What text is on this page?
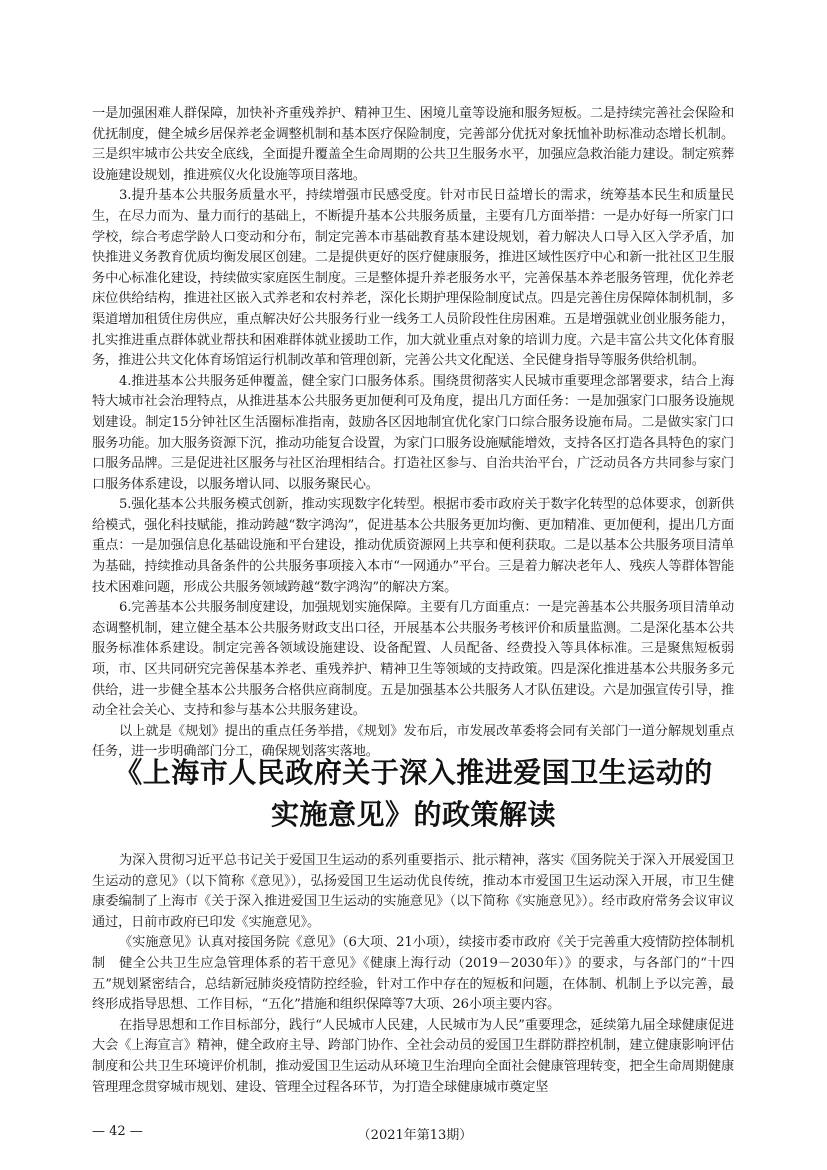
一是加强困难人群保障，加快补齐重残养护、精神卫生、困境儿童等设施和服务短板。二是持续完善社会保险和优抚制度，健全城乡居保养老金调整机制和基本医疗保险制度，完善部分优抚对象抚恤补助标准动态增长机制。三是织牢城市公共安全底线，全面提升覆盖全生命周期的公共卫生服务水平，加强应急救治能力建设。制定殡葬设施建设规划，推进殡仪火化设施等项目落地。

3.提升基本公共服务质量水平，持续增强市民感受度。针对市民日益增长的需求，统筹基本民生和质量民生，在尽力而为、量力而行的基础上，不断提升基本公共服务质量，主要有几方面举措：一是办好每一所家门口学校，综合考虑学龄人口变动和分布，制定完善本市基础教育基本建设规划，着力解决人口导入区入学矛盾，加快推进义务教育优质均衡发展区创建。二是提供更好的医疗健康服务，推进区域性医疗中心和新一批社区卫生服务中心标准化建设，持续做实家庭医生制度。三是整体提升养老服务水平，完善保基本养老服务管理，优化养老床位供给结构，推进社区嵌入式养老和农村养老，深化长期护理保险制度试点。四是完善住房保障体制机制，多渠道增加租赁住房供应，重点解决好公共服务行业一线务工人员阶段性住房困难。五是增强就业创业服务能力，扎实推进重点群体就业帮扶和困难群体就业援助工作，加大就业重点对象的培训力度。六是丰富公共文化体育服务，推进公共文化体育场馆运行机制改革和管理创新，完善公共文化配送、全民健身指导等服务供给机制。

4.推进基本公共服务延伸覆盖，健全家门口服务体系。围绕贯彻落实人民城市重要理念部署要求，结合上海特大城市社会治理特点，从推进基本公共服务更加便利可及角度，提出几方面任务：一是加强家门口服务设施规划建设。制定15分钟社区生活圈标准指南，鼓励各区因地制宜优化家门口综合服务设施布局。二是做实家门口服务功能。加大服务资源下沉，推动功能复合设置，为家门口服务设施赋能增效，支持各区打造各具特色的家门口服务品牌。三是促进社区服务与社区治理相结合。打造社区参与、自治共治平台，广泛动员各方共同参与家门口服务体系建设，以服务增认同、以服务聚民心。

5.强化基本公共服务模式创新，推动实现数字化转型。根据市委市政府关于数字化转型的总体要求，创新供给模式，强化科技赋能，推动跨越“数字鸿沟”，促进基本公共服务更加均衡、更加精准、更加便利，提出几方面重点：一是加强信息化基础设施和平台建设，推动优质资源网上共享和便利获取。二是以基本公共服务项目清单为基础，持续推动具备条件的公共服务事项接入本市“一网通办”平台。三是着力解决老年人、残疾人等群体智能技术困难问题，形成公共服务领域跨越“数字鸿沟”的解决方案。

6.完善基本公共服务制度建设，加强规划实施保障。主要有几方面重点：一是完善基本公共服务项目清单动态调整机制，建立健全基本公共服务财政支出口径，开展基本公共服务考核评价和质量监测。二是深化基本公共服务标准体系建设。制定完善各领域设施建设、设备配置、人员配备、经费投入等具体标准。三是聚焦短板弱项，市、区共同研究完善保基本养老、重残养护、精神卫生等领域的支持政策。四是深化推进基本公共服务多元供给，进一步健全基本公共服务合格供应商制度。五是加强基本公共服务人才队伍建设。六是加强宣传引导，推动全社会关心、支持和参与基本公共服务建设。

以上就是《规划》提出的重点任务举措，《规划》发布后，市发展改革委将会同有关部门一道分解规划重点任务，进一步明确部门分工，确保规划落实落地。

《上海市人民政府关于深入推进爱国卫生运动的
实施意见》的政策解读

为深入贯彻习近平总书记关于爱国卫生运动的系列重要指示、批示精神，落实《国务院关于深入开展爱国卫生运动的意见》（以下简称《意见》），弘扬爱国卫生运动优良传统，推动本市爱国卫生运动深入开展，市卫生健康委编制了上海市《关于深入推进爱国卫生运动的实施意见》（以下简称《实施意见》）。经市政府常务会议审议通过，日前市政府已印发《实施意见》。

《实施意见》认真对接国务院《意见》（6大项、21小项），续接市委市政府《关于完善重大疫情防控体制机制　健全公共卫生应急管理体系的若干意见》《健康上海行动（2019－2030年）》的要求，与各部门的“十四五”规划紧密结合，总结新冠肺炎疫情防控经验，针对工作中存在的短板和问题，在体制、机制上予以完善，最终形成指导思想、工作目标，“五化”措施和组织保障等7大项、26小项主要内容。

在指导思想和工作目标部分，践行“人民城市人民建，人民城市为人民”重要理念，延续第九届全球健康促进大会《上海宣言》精神，健全政府主导、跨部门协作、全社会动员的爱国卫生群防群控机制，建立健康影响评估制度和公共卫生环境评价机制，推动爱国卫生运动从环境卫生治理向全面社会健康管理转变，把全生命周期健康管理理念贯穿城市规划、建设、管理全过程各环节，为打造全球健康城市奠定坚

— 42 —	（2021年第13期）
